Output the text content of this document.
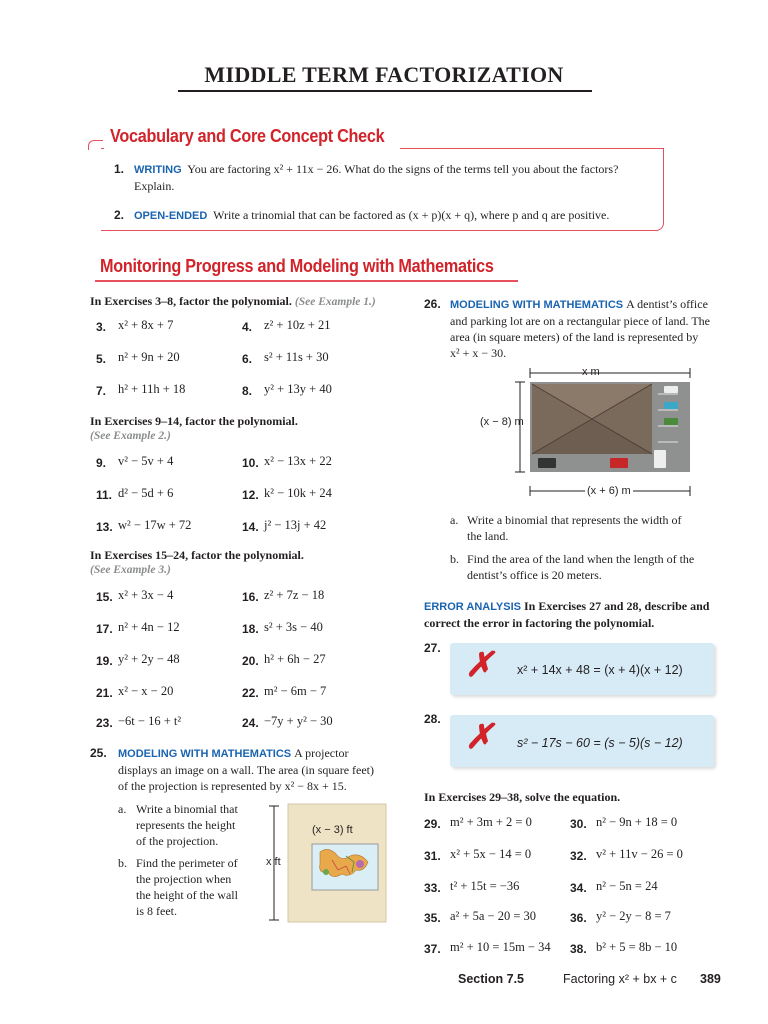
MIDDLE TERM FACTORIZATION
Vocabulary and Core Concept Check
1. WRITING You are factoring x² + 11x − 26. What do the signs of the terms tell you about the factors?
Explain.
2. OPEN-ENDED Write a trinomial that can be factored as (x + p)(x + q), where p and q are positive.
Monitoring Progress and Modeling with Mathematics
In Exercises 3–8, factor the polynomial. (See Example 1.)
In Exercises 9–14, factor the polynomial.
(See Example 2.)
In Exercises 15–24, factor the polynomial.
(See Example 3.)
3. x² + 8x + 7	4. z² + 10z + 21
5. n² + 9n + 20	6. s² + 11s + 30
7. h² + 11h + 18	8. y² + 13y + 40
9. v² − 5v + 4	10. x² − 13x + 22
11. d² − 5d + 6	12. k² − 10k + 24
13. w² − 17w + 72	14. j² − 13j + 42
15. x² + 3x − 4	16. z² + 7z − 18
17. n² + 4n − 12	18. s² + 3s − 40
19. y² + 2y − 48	20. h² + 6h − 27
21. x² − x − 20	22. m² − 6m − 7
23. −6t − 16 + t²	24. −7y + y² − 30
25. MODELING WITH MATHEMATICS A projector
displays an image on a wall. The area (in square feet)
of the projection is represented by x² − 8x + 15.
a. Write a binomial that
represents the height
of the projection.
b. Find the perimeter of
the projection when
the height of the wall
is 8 feet.
(x − 3) ft
x ft
26. MODELING WITH MATHEMATICS A dentist’s office
and parking lot are on a rectangular piece of land. The
area (in square meters) of the land is represented by
x² + x − 30.
x m
(x − 8) m
(x + 6) m
a. Write a binomial that represents the width of
the land.
b. Find the area of the land when the length of the
dentist’s office is 20 meters.
ERROR ANALYSIS In Exercises 27 and 28, describe and
correct the error in factoring the polynomial.
27. ✗ x² + 14x + 48 = (x + 4)(x + 12)
28. ✗ s² − 17s − 60 = (s − 5)(s − 12)
In Exercises 29–38, solve the equation.
29. m² + 3m + 2 = 0	30. n² − 9n + 18 = 0
31. x² + 5x − 14 = 0	32. v² + 11v − 26 = 0
33. t² + 15t = −36	34. n² − 5n = 24
35. a² + 5a − 20 = 30	36. y² − 2y − 8 = 7
37. m² + 10 = 15m − 34 38. b² + 5 = 8b − 10
Section 7.5	Factoring x² + bx + c 389
